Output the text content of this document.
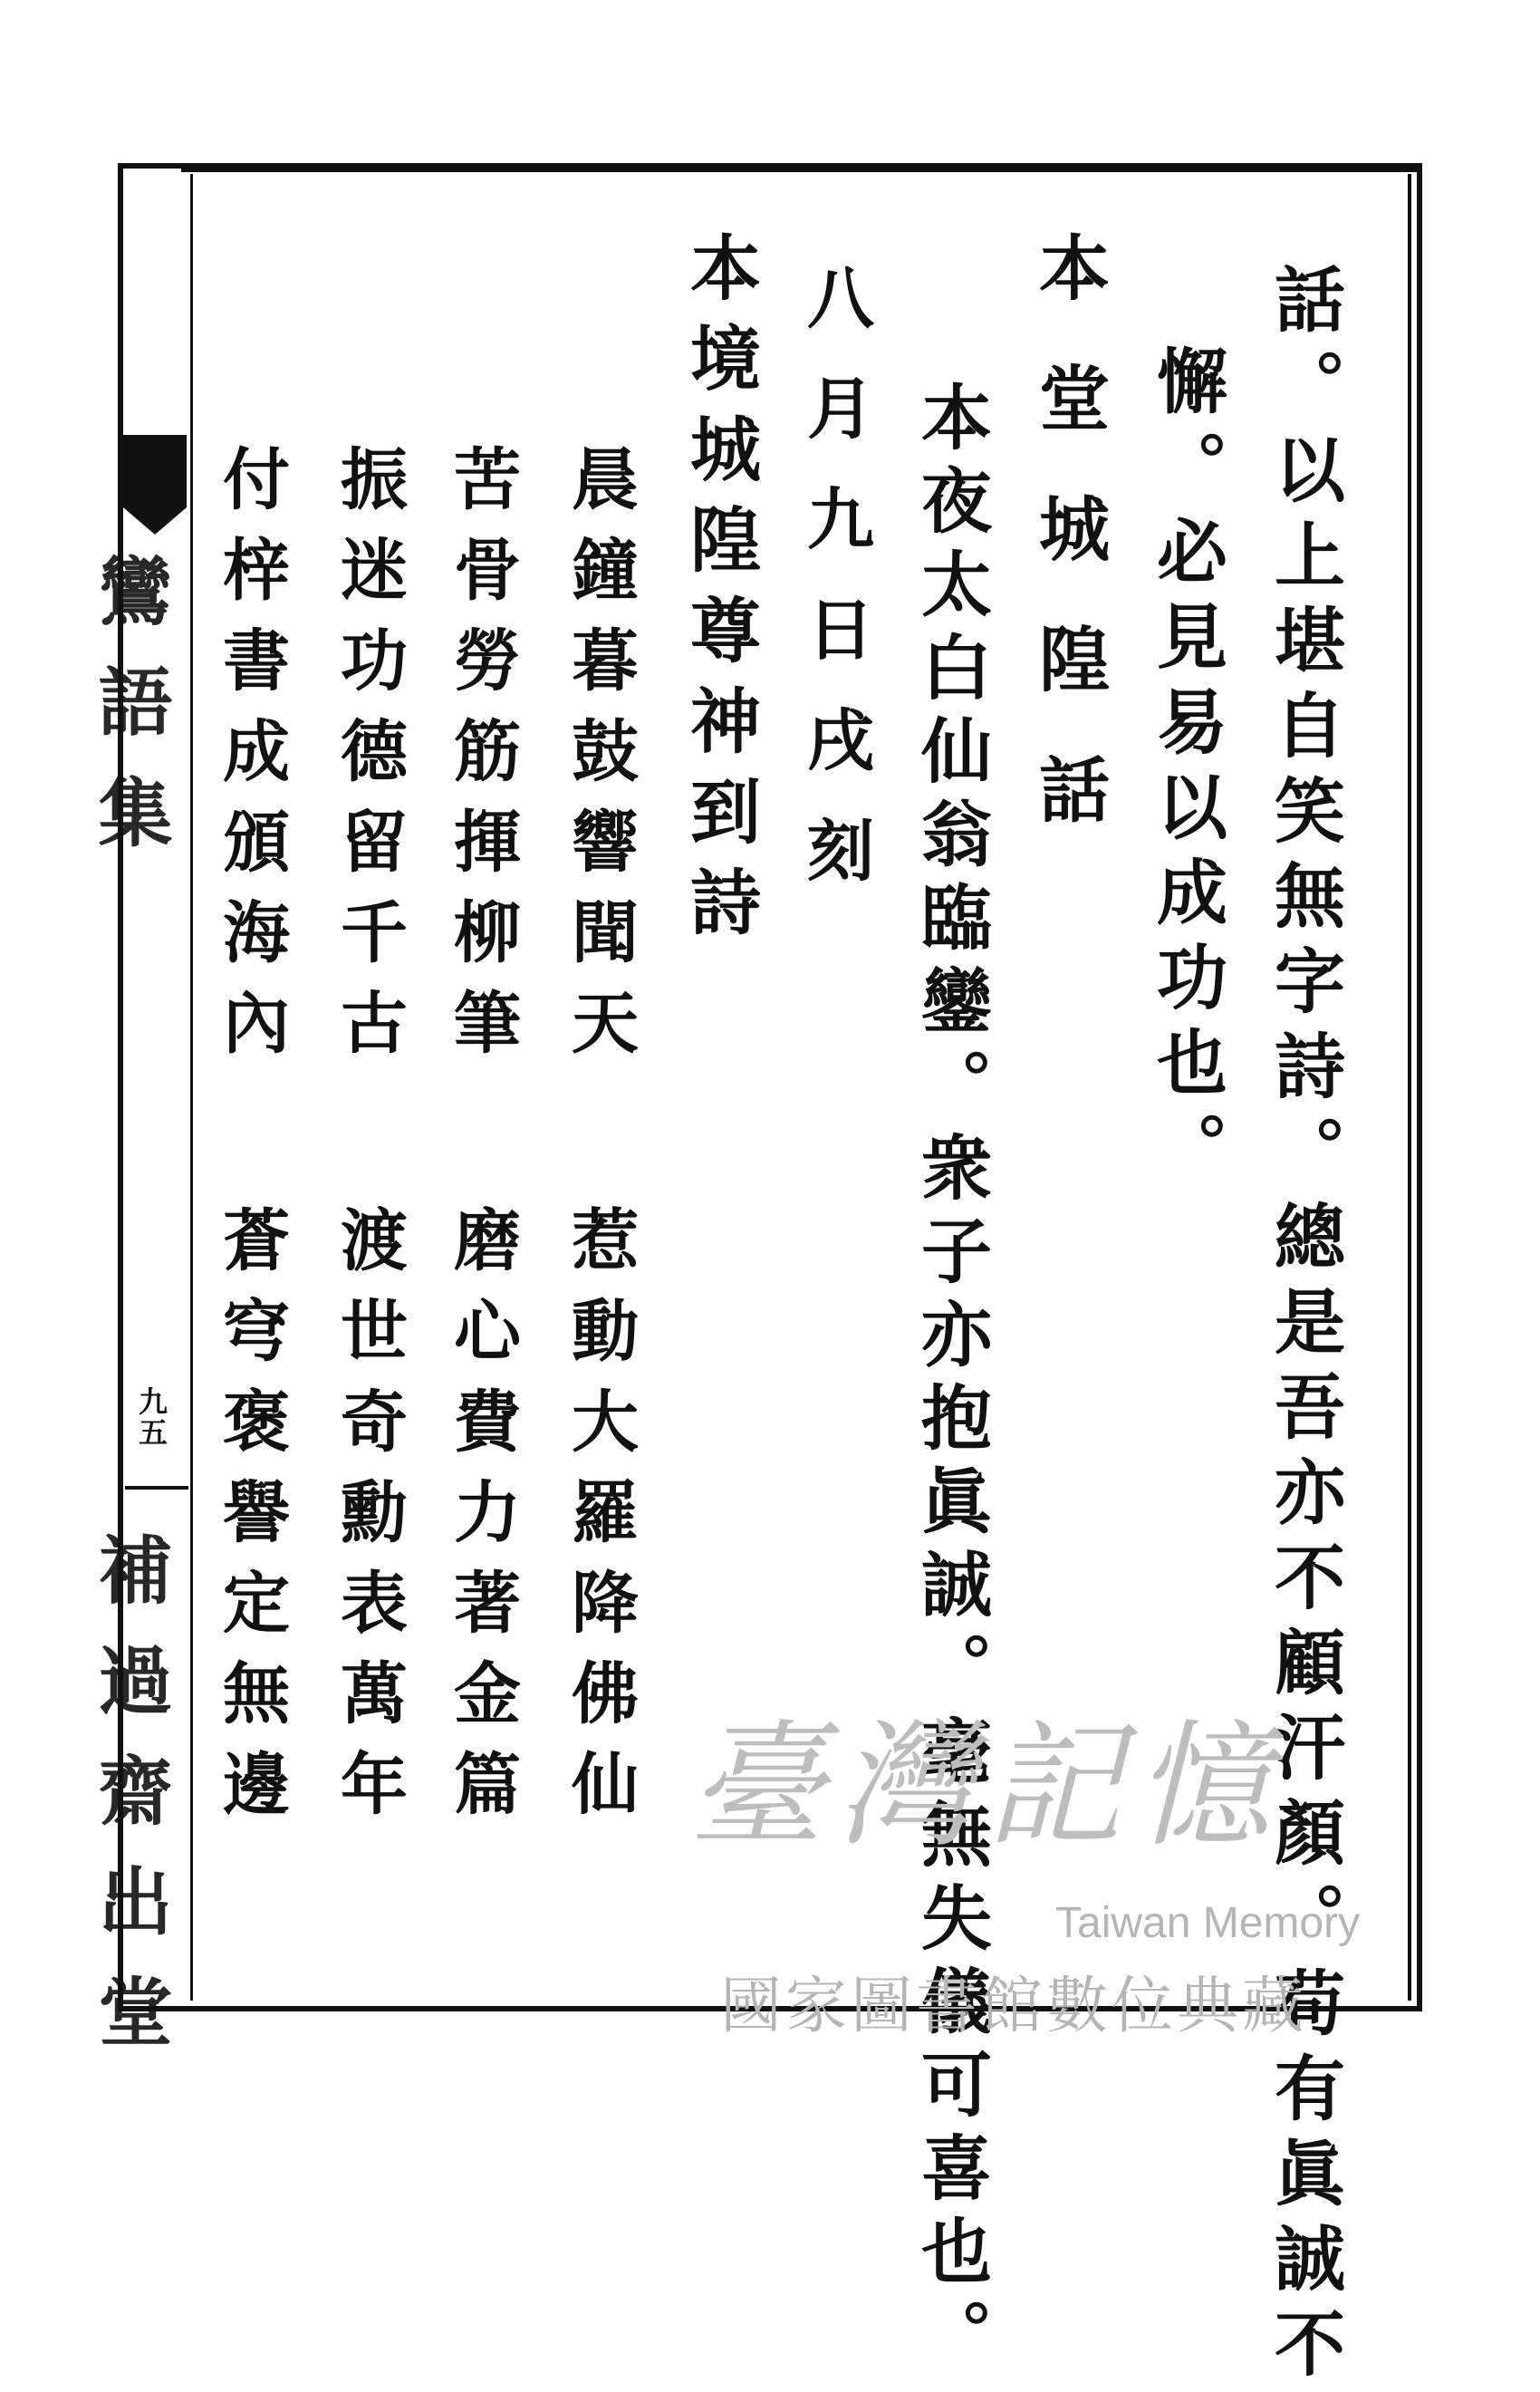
鸞語集
九五
補過齋出堂	話。以上堪自笑無字詩。總是吾亦不顧汗顏。苟有眞誠不
懈。必見易以成功也。
本堂城隍話
本夜太白仙翁臨鑾。衆子亦抱眞誠。毫無失儀可喜也。
八月九日戌刻
本境城隍尊神到詩
晨鐘暮鼓響聞天
苦骨勞筋揮柳筆
振迷功德留千古
付梓書成頒海內
惹動大羅降佛仙
磨心費力著金篇
渡世奇勳表萬年
蒼穹褒譽定無邊	臺灣記憶
Taiwan Memory
國家圖書館數位典藏
